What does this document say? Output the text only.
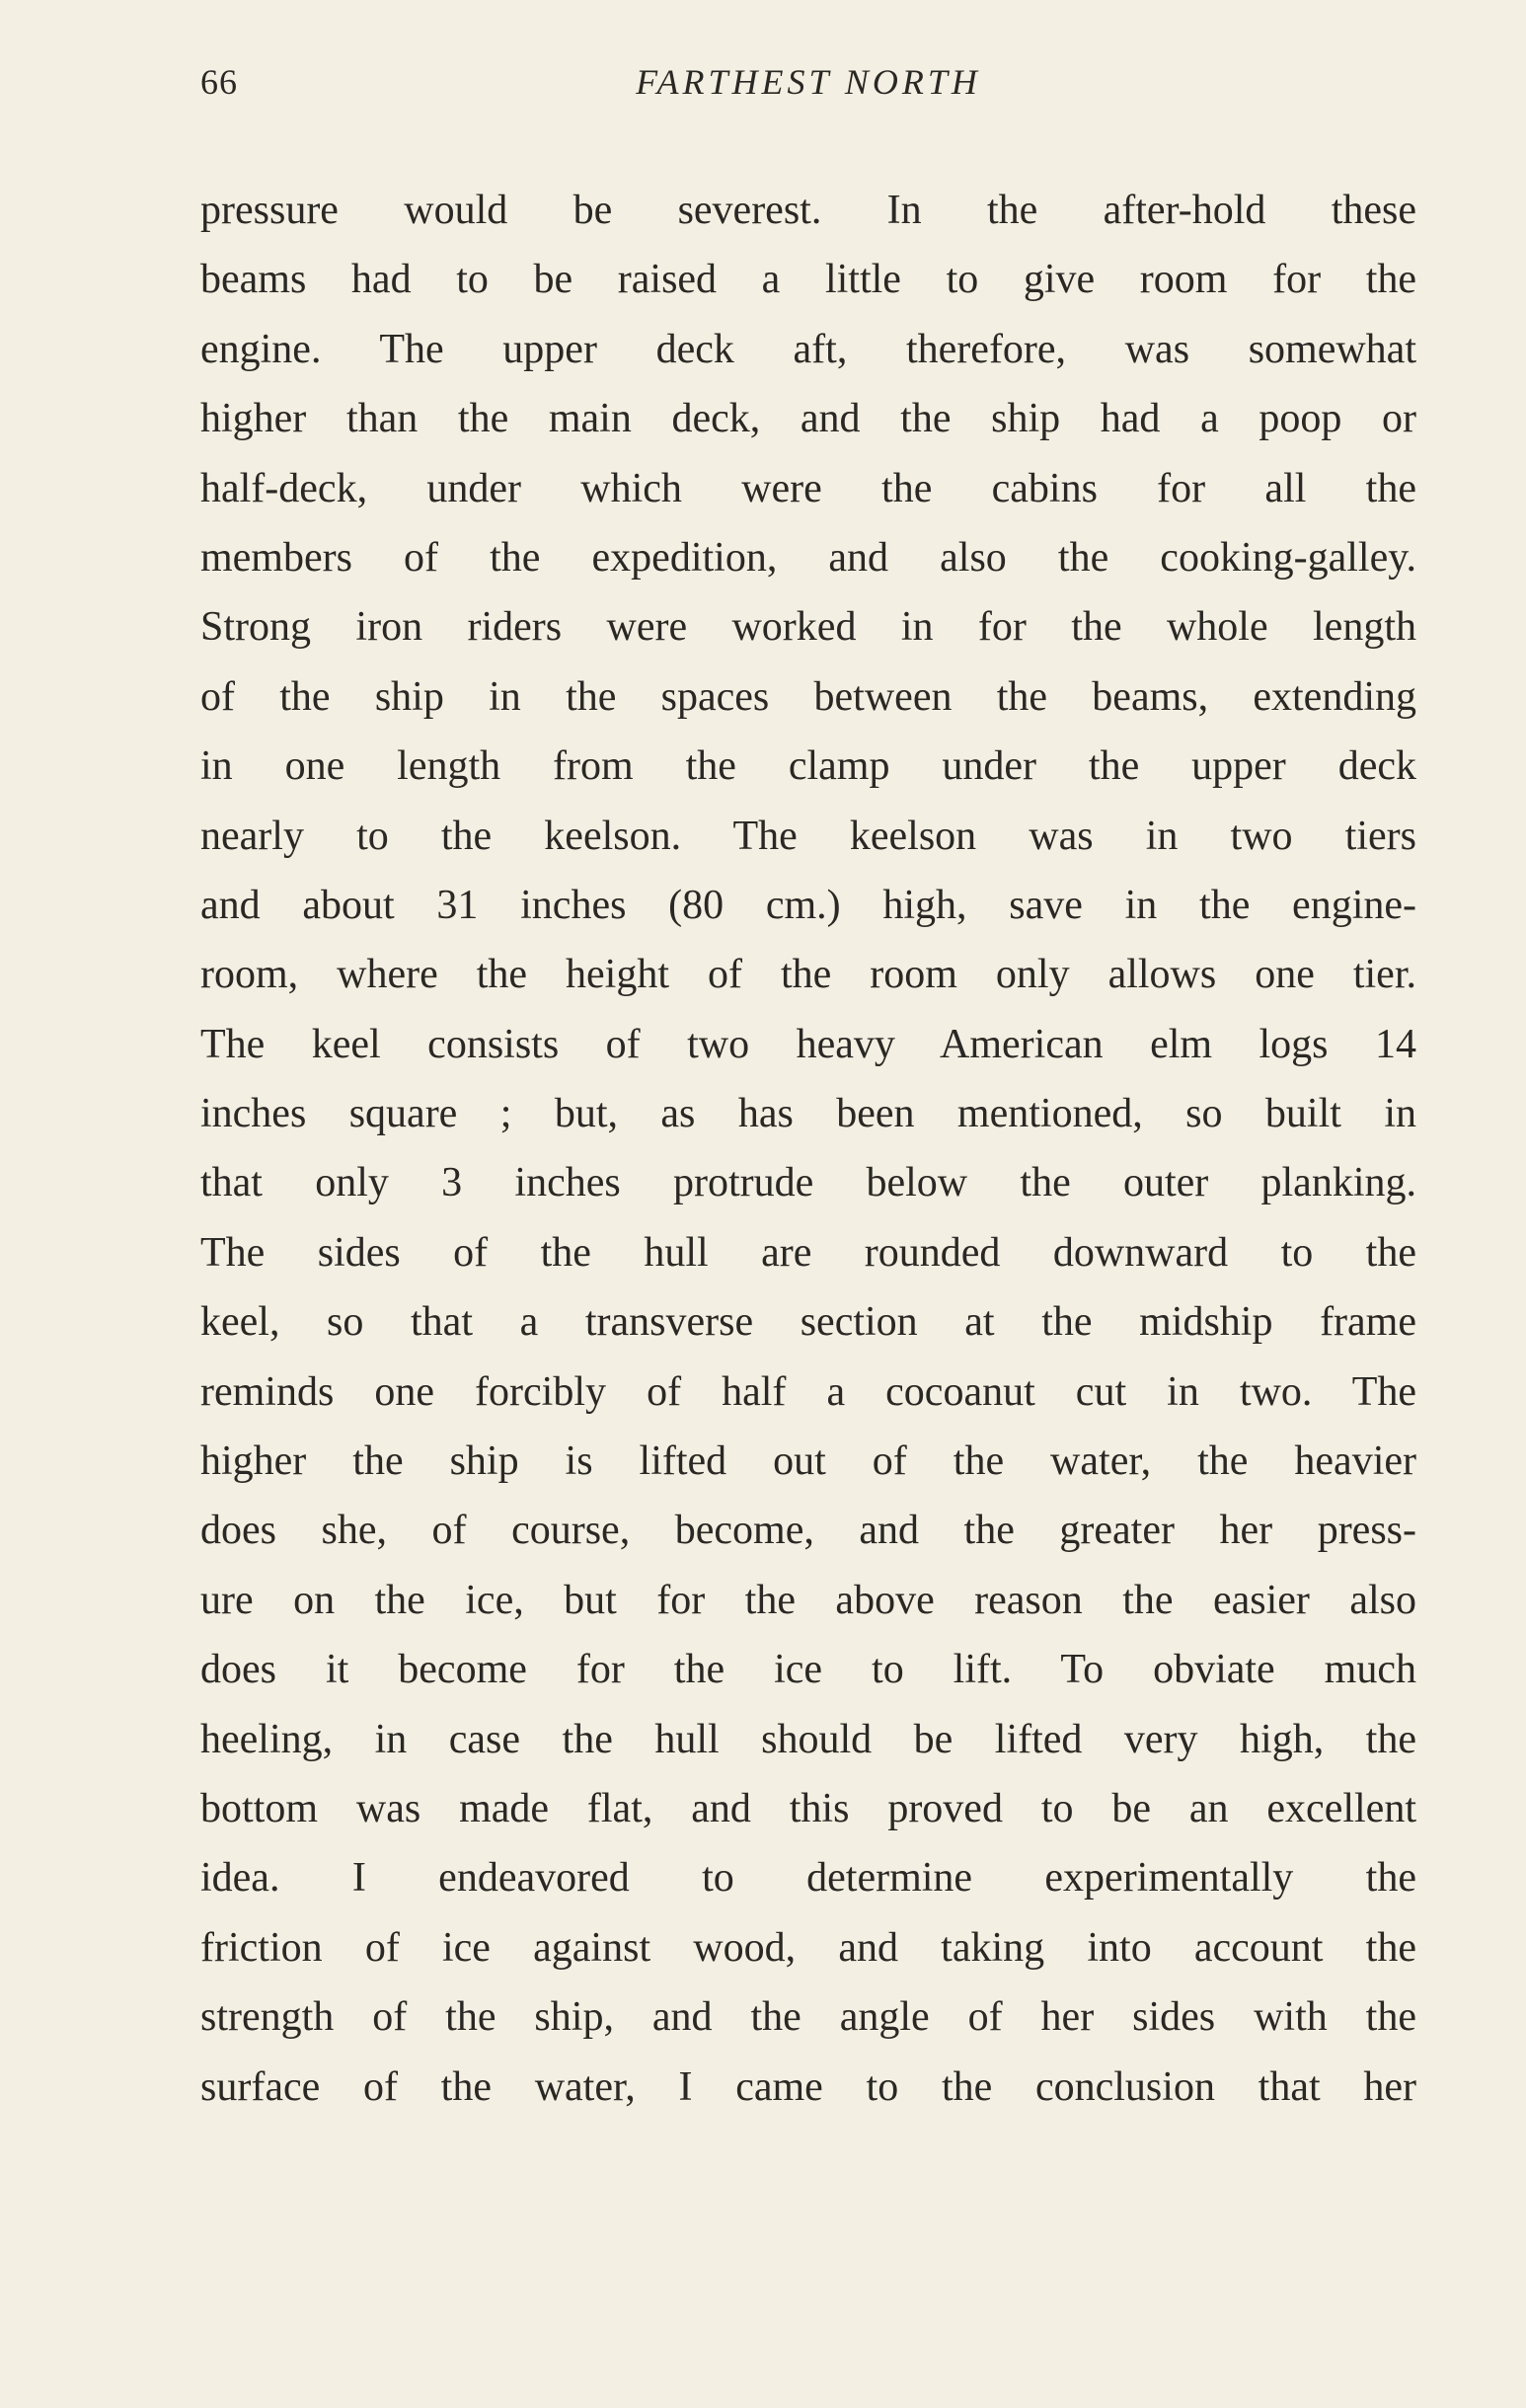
66	FARTHEST NORTH
pressure would be severest. In the after-hold these
beams had to be raised a little to give room for the
engine. The upper deck aft, therefore, was somewhat
higher than the main deck, and the ship had a poop or
half-deck, under which were the cabins for all the
members of the expedition, and also the cooking-galley.
Strong iron riders were worked in for the whole length
of the ship in the spaces between the beams, extending
in one length from the clamp under the upper deck
nearly to the keelson. The keelson was in two tiers
and about 31 inches (80 cm.) high, save in the engine-
room, where the height of the room only allows one tier.
The keel consists of two heavy American elm logs 14
inches square ; but, as has been mentioned, so built in
that only 3 inches protrude below the outer planking.
The sides of the hull are rounded downward to the
keel, so that a transverse section at the midship frame
reminds one forcibly of half a cocoanut cut in two. The
higher the ship is lifted out of the water, the heavier
does she, of course, become, and the greater her press-
ure on the ice, but for the above reason the easier also
does it become for the ice to lift. To obviate much
heeling, in case the hull should be lifted very high, the
bottom was made flat, and this proved to be an excellent
idea. I endeavored to determine experimentally the
friction of ice against wood, and taking into account the
strength of the ship, and the angle of her sides with the
surface of the water, I came to the conclusion that her
